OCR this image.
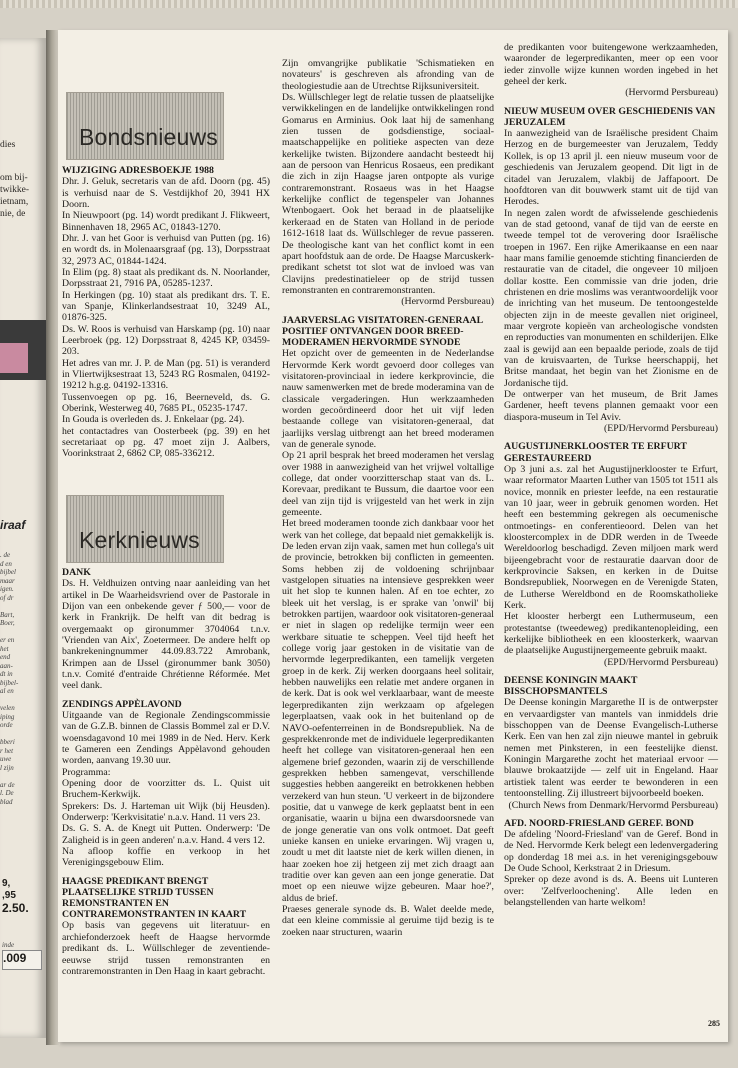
dies
om bij-
twikke-
ietnam,
nie, de
iraaf

. de
d en
bijbel
maar
igen.
of dr

Bart,
Boer,

er en
het
end
aan-
dt in
bijbel-
al en

velen
iping
orde

bberi
r het
uwe
l zijn

ar de
l. De
blad

9,
,95
2.50.
inde
.009
Bondsnieuws

WIJZIGING ADRESBOEKJE 1988

Dhr. J. Geluk, secretaris van de afd. Doorn (pg. 45) is verhuisd naar de S. Vestdijkhof 20, 3941 HX Doorn.

In Nieuwpoort (pg. 14) wordt predikant J. Flikweert, Binnenhaven 18, 2965 AC, 01843-1270.

Dhr. J. van het Goor is verhuisd van Putten (pg. 16) en wordt ds. in Molenaarsgraaf (pg. 13), Dorpsstraat 32, 2973 AC, 01844-1424.

In Elim (pg. 8) staat als predikant ds. N. Noorlander, Dorpsstraat 21, 7916 PA, 05285-1237.

In Herkingen (pg. 10) staat als predikant drs. T. E. van Spanje, Klinkerlandsestraat 10, 3249 AL, 01876-325.

Ds. W. Roos is verhuisd van Harskamp (pg. 10) naar Leerbroek (pg. 12) Dorpsstraat 8, 4245 KP, 03459-203.

Het adres van mr. J. P. de Man (pg. 51) is veranderd in Vliertwijksestraat 13, 5243 RG Rosmalen, 04192-19212 h.g.g. 04192-13316.

Tussenvoegen op pg. 16, Beerneveld, ds. G. Oberink, Westerweg 40, 7685 PL, 05235-1747.

In Gouda is overleden ds. J. Enkelaar (pg. 24).

het contactadres van Oosterbeek (pg. 39) en het secretariaat op pg. 47 moet zijn J. Aalbers, Voorinkstraat 2, 6862 CP, 085-336212.

Kerknieuws

DANK

Ds. H. Veldhuizen ontving naar aanleiding van het artikel in De Waarheidsvriend over de Pastorale in Dijon van een onbekende gever ƒ 500,— voor de kerk in Frankrijk. De helft van dit bedrag is overgemaakt op gironummer 3704064 t.n.v. 'Vrienden van Aix', Zoetermeer. De andere helft op bankrekeningnummer 44.09.83.722 Amrobank, Krimpen aan de IJssel (gironummer bank 3050) t.n.v. Comité d'entraide Chrétienne Réformée. Met veel dank.

ZENDINGS APPÈLAVOND

Uitgaande van de Regionale Zendingscommissie van de G.Z.B. binnen de Classis Bommel zal er D.V. woensdagavond 10 mei 1989 in de Ned. Herv. Kerk te Gameren een Zendings Appèlavond gehouden worden, aanvang 19.30 uur.

Programma:

Opening door de voorzitter ds. L. Quist uit Bruchem-Kerkwijk.

Sprekers: Ds. J. Harteman uit Wijk (bij Heusden). Onderwerp: 'Kerkvisitatie' n.a.v. Hand. 11 vers 23.

Ds. G. S. A. de Knegt uit Putten. Onderwerp: 'De Zaligheid is in geen anderen' n.a.v. Hand. 4 vers 12.

Na afloop koffie en verkoop in het Verenigingsgebouw Elim.

HAAGSE PREDIKANT BRENGT PLAATSELIJKE STRIJD TUSSEN REMONSTRANTEN EN CONTRAREMONSTRANTEN IN KAART

Op basis van gegevens uit literatuur- en archiefonderzoek heeft de Haagse hervormde predikant ds. L. Wüllschleger de zeventiende-eeuwse strijd tussen remonstranten en contraremonstranten in Den Haag in kaart gebracht.

Zijn omvangrijke publikatie 'Schismatieken en novateurs' is geschreven als afronding van de theologiestudie aan de Utrechtse Rijksuniversiteit.

Ds. Wüllschleger legt de relatie tussen de plaatselijke verwikkelingen en de landelijke ontwikkelingen rond Gomarus en Arminius. Ook laat hij de samenhang zien tussen de godsdienstige, sociaal-maatschappelijke en politieke aspecten van deze kerkelijke twisten. Bijzondere aandacht besteedt hij aan de persoon van Henricus Rosaeus, een predikant die zich in zijn Haagse jaren ontpopte als vurige contraremonstrant. Rosaeus was in het Haagse kerkelijke conflict de tegenspeler van Johannes Wtenbogaert. Ook het beraad in de plaatselijke kerkeraad en de Staten van Holland in de periode 1612-1618 laat ds. Wüllschleger de revue passeren. De theologische kant van het conflict komt in een apart hoofdstuk aan de orde. De Haagse Marcuskerk-predikant schetst tot slot wat de invloed was van Clavijns predestinatieleer op de strijd tussen remonstranten en contraremonstranten.

(Hervormd Persbureau)

JAARVERSLAG VISITATOREN-GENERAAL POSITIEF ONTVANGEN DOOR BREED-MODERAMEN HERVORMDE SYNODE

Het opzicht over de gemeenten in de Nederlandse Hervormde Kerk wordt gevoerd door colleges van visitatoren-provinciaal in iedere kerkprovincie, die nauw samenwerken met de brede moderamina van de classicale vergaderingen. Hun werkzaamheden worden gecoördineerd door het uit vijf leden bestaande college van visitatoren-generaal, dat jaarlijks verslag uitbrengt aan het breed moderamen van de generale synode.

Op 21 april besprak het breed moderamen het verslag over 1988 in aanwezigheid van het vrijwel voltallige college, dat onder voorzitterschap staat van ds. L. Korevaar, predikant te Bussum, die daartoe voor een deel van zijn tijd is vrijgesteld van het werk in zijn gemeente.

Het breed moderamen toonde zich dankbaar voor het werk van het college, dat bepaald niet gemakkelijk is. De leden ervan zijn vaak, samen met hun collega's uit de provincie, betrokken bij conflicten in gemeenten. Soms hebben zij de voldoening schrijnbaar vastgelopen situaties na intensieve gesprekken weer uit het slop te kunnen halen. Af en toe echter, zo bleek uit het verslag, is er sprake van 'onwil' bij betrokken partijen, waardoor ook visitatoren-generaal er niet in slagen op redelijke termijn weer een werkbare situatie te scheppen. Veel tijd heeft het college vorig jaar gestoken in de visitatie van de hervormde legerpredikanten, een tamelijk vergeten groep in de kerk. Zij werken doorgaans heel solitair, hebben nauwelijks een relatie met andere organen in de kerk. Dat is ook wel verklaarbaar, want de meeste legerpredikanten zijn werkzaam op afgelegen legerplaatsen, vaak ook in het buitenland op de NAVO-oefenterreinen in de Bondsrepubliek. Na de gesprekkenronde met de individuele legerpredikanten heeft het college van visitatoren-generaal hen een algemene brief gezonden, waarin zij de verschillende gesprekken hebben samengevat, verschillende suggesties hebben aangereikt en betrokkenen hebben verzekerd van hun steun. 'U verkeert in de bijzondere positie, dat u vanwege de kerk geplaatst bent in een organisatie, waarin u bijna een dwarsdoorsnede van de jonge generatie van ons volk ontmoet. Dat geeft unieke kansen en unieke ervaringen. Wij vragen u, zoudt u met dit laatste niet de kerk willen dienen, in haar zoeken hoe zij hetgeen zij met zich draagt aan traditie over kan geven aan een jonge generatie. Dat moet op een nieuwe wijze gebeuren. Maar hoe?', aldus de brief.

Praeses generale synode ds. B. Walet deelde mede, dat een kleine commissie al geruime tijd bezig is te zoeken naar structuren, waarin

de predikanten voor buitengewone werkzaamheden, waaronder de legerpredikanten, meer op een voor ieder zinvolle wijze kunnen worden ingebed in het geheel der kerk.

(Hervormd Persbureau)

NIEUW MUSEUM OVER GESCHIEDENIS VAN JERUZALEM

In aanwezigheid van de Israëlische president Chaim Herzog en de burgemeester van Jeruzalem, Teddy Kollek, is op 13 april jl. een nieuw museum voor de geschiedenis van Jeruzalem geopend. Dit ligt in de citadel van Jeruzalem, vlakbij de Jaffapoort. De hoofdtoren van dit bouwwerk stamt uit de tijd van Herodes.

In negen zalen wordt de afwisselende geschiedenis van de stad getoond, vanaf de tijd van de eerste en tweede tempel tot de verovering door Israëlische troepen in 1967. Een rijke Amerikaanse en een naar haar mans familie genoemde stichting financierden de restauratie van de citadel, die ongeveer 10 miljoen dollar kostte. Een commissie van drie joden, drie christenen en drie moslims was verantwoordelijk voor de inrichting van het museum. De tentoongestelde objecten zijn in de meeste gevallen niet origineel, maar vergrote kopieën van archeologische vondsten en reproducties van monumenten en schilderijen. Elke zaal is gewijd aan een bepaalde periode, zoals de tijd van de kruisvaarten, de Turkse heerschappij, het Britse mandaat, het begin van het Zionisme en de Jordanische tijd.

De ontwerper van het museum, de Brit James Gardener, heeft tevens plannen gemaakt voor een diaspora-museum in Tel Aviv.

(EPD/Hervormd Persbureau)

AUGUSTIJNERKLOOSTER TE ERFURT GERESTAUREERD

Op 3 juni a.s. zal het Augustijnerklooster te Erfurt, waar reformator Maarten Luther van 1505 tot 1511 als novice, monnik en priester leefde, na een restauratie van 10 jaar, weer in gebruik genomen worden. Het heeft een bestemming gekregen als oecumenische ontmoetings- en conferentieoord. Delen van het kloostercomplex in de DDR werden in de Tweede Wereldoorlog beschadigd. Zeven miljoen mark werd bijeengebracht voor de restauratie daarvan door de kerkprovincie Saksen, en kerken in de Duitse Bondsrepubliek, Noorwegen en de Verenigde Staten, de Lutherse Wereldbond en de Roomskatholieke Kerk.

Het klooster herbergt een Luthermuseum, een protestantse (tweedeweg) predikantenopleiding, een kerkelijke bibliotheek en een kloosterkerk, waarvan de plaatselijke Augustijnergemeente gebruik maakt.

(EPD/Hervormd Persbureau)

DEENSE KONINGIN MAAKT BISSCHOPSMANTELS

De Deense koningin Margarethe II is de ontwerpster en vervaardigster van mantels van inmiddels drie bisschoppen van de Deense Evangelisch-Lutherse Kerk. Een van hen zal zijn nieuwe mantel in gebruik nemen met Pinksteren, in een feestelijke dienst. Koningin Margarethe zocht het materiaal ervoor — blauwe brokaatzijde — zelf uit in Engeland. Haar artistiek talent was eerder te bewonderen in een tentoonstelling. Zij illustreert bijvoorbeeld boeken.

(Church News from Denmark/Hervormd Persbureau)

AFD. NOORD-FRIESLAND GEREF. BOND

De afdeling 'Noord-Friesland' van de Geref. Bond in de Ned. Hervormde Kerk belegt een ledenvergadering op donderdag 18 mei a.s. in het verenigingsgebouw De Oude School, Kerkstraat 2 in Driesum.

Spreker op deze avond is ds. A. Beens uit Lunteren over: 'Zelfverloochening'. Alle leden en belangstellenden van harte welkom!

285
